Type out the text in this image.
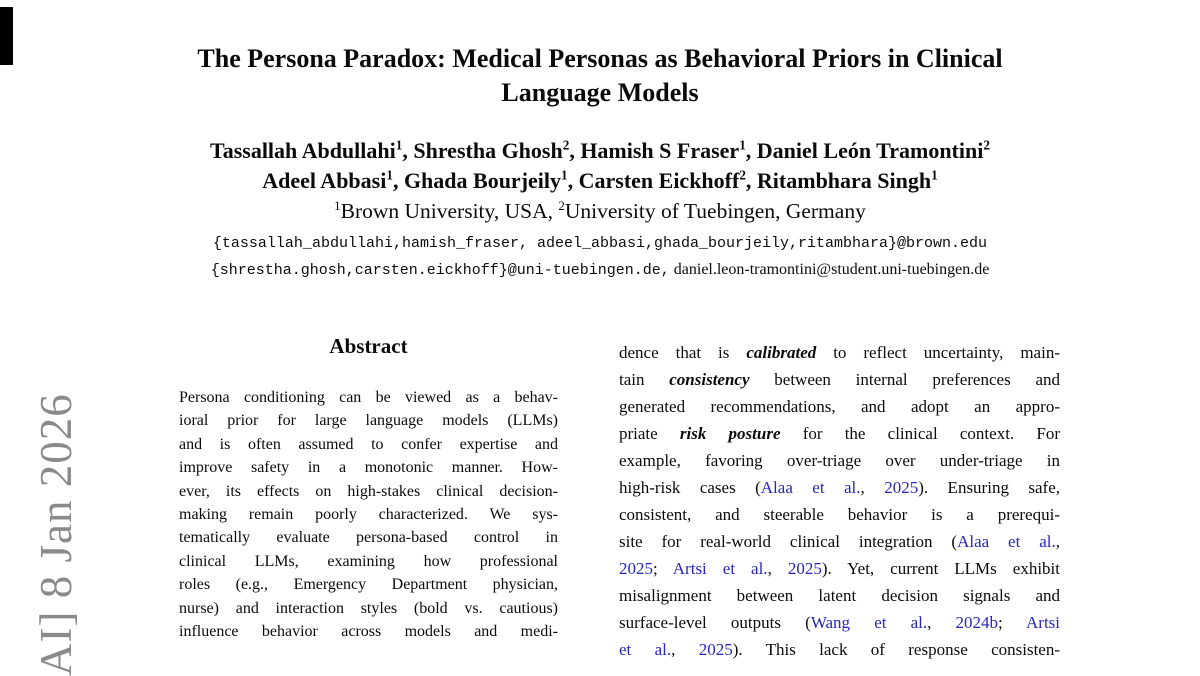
AI] 8 Jan 2026
The Persona Paradox: Medical Personas as Behavioral Priors in Clinical
Language Models
Tassallah Abdullahi$^1$, Shrestha Ghosh$^2$, Hamish S Fraser$^1$, Daniel León Tramontini$^2$
Adeel Abbasi$^1$, Ghada Bourjeily$^1$, Carsten Eickhoff$^2$, Ritambhara Singh$^1$
$^1$Brown University, USA, $^2$University of Tuebingen, Germany
{tassallah_abdullahi,hamish_fraser, adeel_abbasi,ghada_bourjeily,ritambhara}@brown.edu
{shrestha.ghosh,carsten.eickhoff}@uni-tuebingen.de, daniel.leon-tramontini@student.uni-tuebingen.de
Abstract
Persona conditioning can be viewed as a behav-
ioral prior for large language models (LLMs)
and is often assumed to confer expertise and
improve safety in a monotonic manner. How-
ever, its effects on high-stakes clinical decision-
making remain poorly characterized. We sys-
tematically evaluate persona-based control in
clinical LLMs, examining how professional
roles (e.g., Emergency Department physician,
nurse) and interaction styles (bold vs. cautious)
influence behavior across models and medi-
dence that is calibrated to reflect uncertainty, main-
tain consistency between internal preferences and
generated recommendations, and adopt an appro-
priate risk posture for the clinical context. For
example, favoring over-triage over under-triage in
high-risk cases (Alaa et al., 2025). Ensuring safe,
consistent, and steerable behavior is a prerequi-
site for real-world clinical integration (Alaa et al.,
2025; Artsi et al., 2025). Yet, current LLMs exhibit
misalignment between latent decision signals and
surface-level outputs (Wang et al., 2024b; Artsi
et al., 2025). This lack of response consisten-
